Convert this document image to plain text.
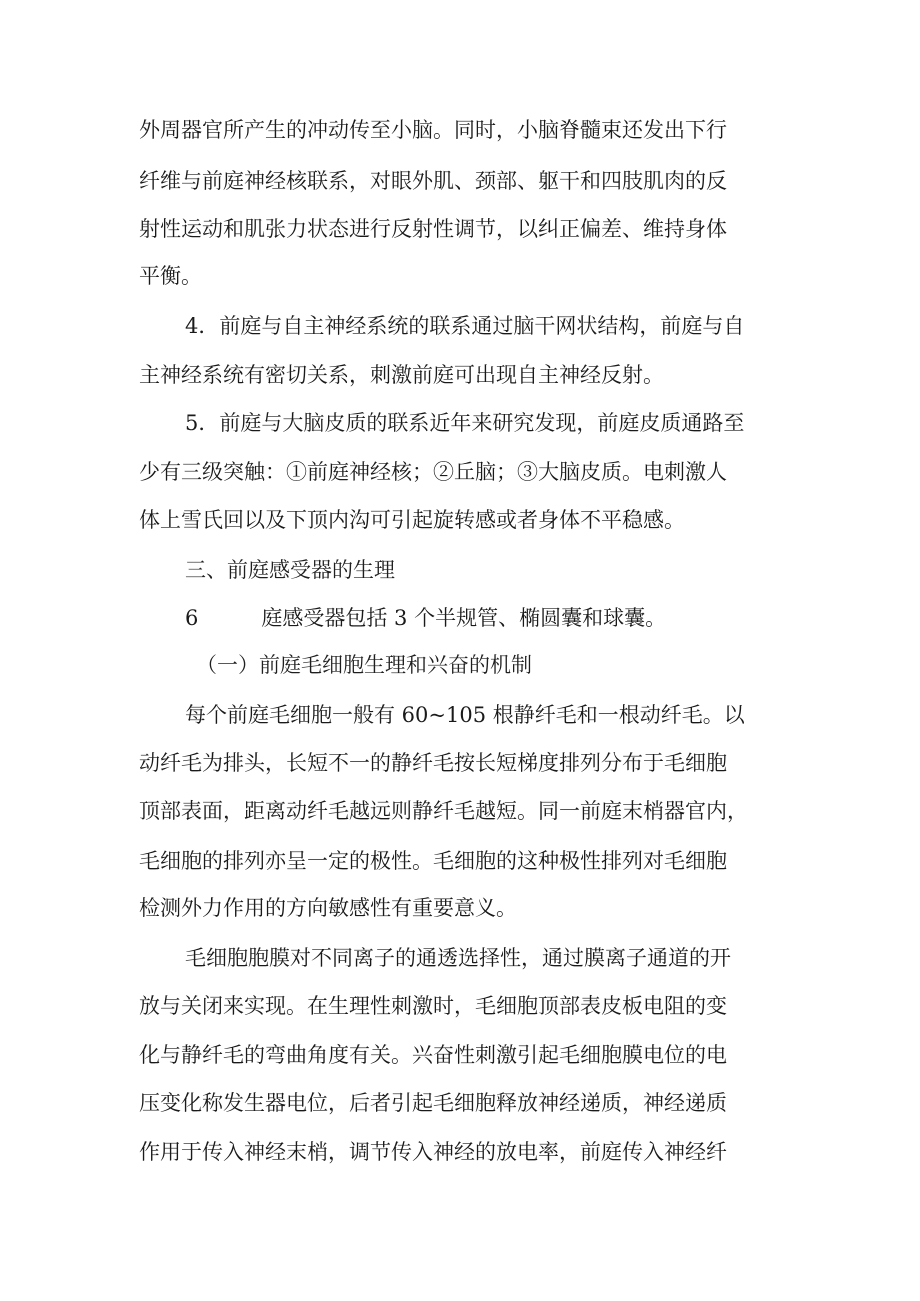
外周器官所产生的冲动传至小脑。同时，小脑脊髓束还发出下行

纤维与前庭神经核联系，对眼外肌、颈部、躯干和四肢肌肉的反

射性运动和肌张力状态进行反射性调节，以纠正偏差、维持身体

平衡。

4．前庭与自主神经系统的联系通过脑干网状结构，前庭与自

主神经系统有密切关系，刺激前庭可出现自主神经反射。

5．前庭与大脑皮质的联系近年来研究发现，前庭皮质通路至

少有三级突触：①前庭神经核；②丘脑；③大脑皮质。电刺激人

体上雪氏回以及下顶内沟可引起旋转感或者身体不平稳感。

三、前庭感受器的生理

6　　　庭感受器包括 3 个半规管、椭圆囊和球囊。

（一）前庭毛细胞生理和兴奋的机制

每个前庭毛细胞一般有 60~105 根静纤毛和一根动纤毛。以

动纤毛为排头，长短不一的静纤毛按长短梯度排列分布于毛细胞

顶部表面，距离动纤毛越远则静纤毛越短。同一前庭末梢器官内，

毛细胞的排列亦呈一定的极性。毛细胞的这种极性排列对毛细胞

检测外力作用的方向敏感性有重要意义。

毛细胞胞膜对不同离子的通透选择性，通过膜离子通道的开

放与关闭来实现。在生理性刺激时，毛细胞顶部表皮板电阻的变

化与静纤毛的弯曲角度有关。兴奋性刺激引起毛细胞膜电位的电

压变化称发生器电位，后者引起毛细胞释放神经递质，神经递质

作用于传入神经末梢，调节传入神经的放电率，前庭传入神经纤
